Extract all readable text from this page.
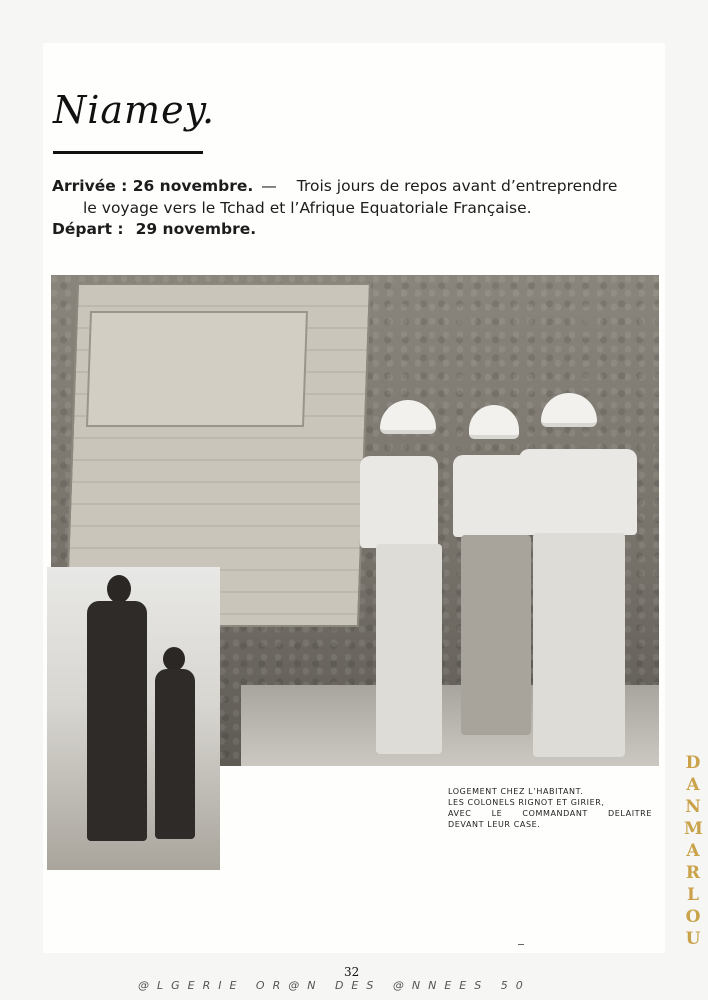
Niamey.
Arrivée : 26 novembre. — Trois jours de repos avant d’entreprendre
le voyage vers le Tchad et l’Afrique Equatoriale Française.
Départ : 29 novembre.
LOGEMENT CHEZ L’HABITANT.
LES COLONELS RIGNOT ET GIRIER,
AVEC	LE	COMMANDANT	DELAITRE
DEVANT LEUR CASE.
32
@LGERIE OR@N DES @NNEES 50
DANMARLOU
